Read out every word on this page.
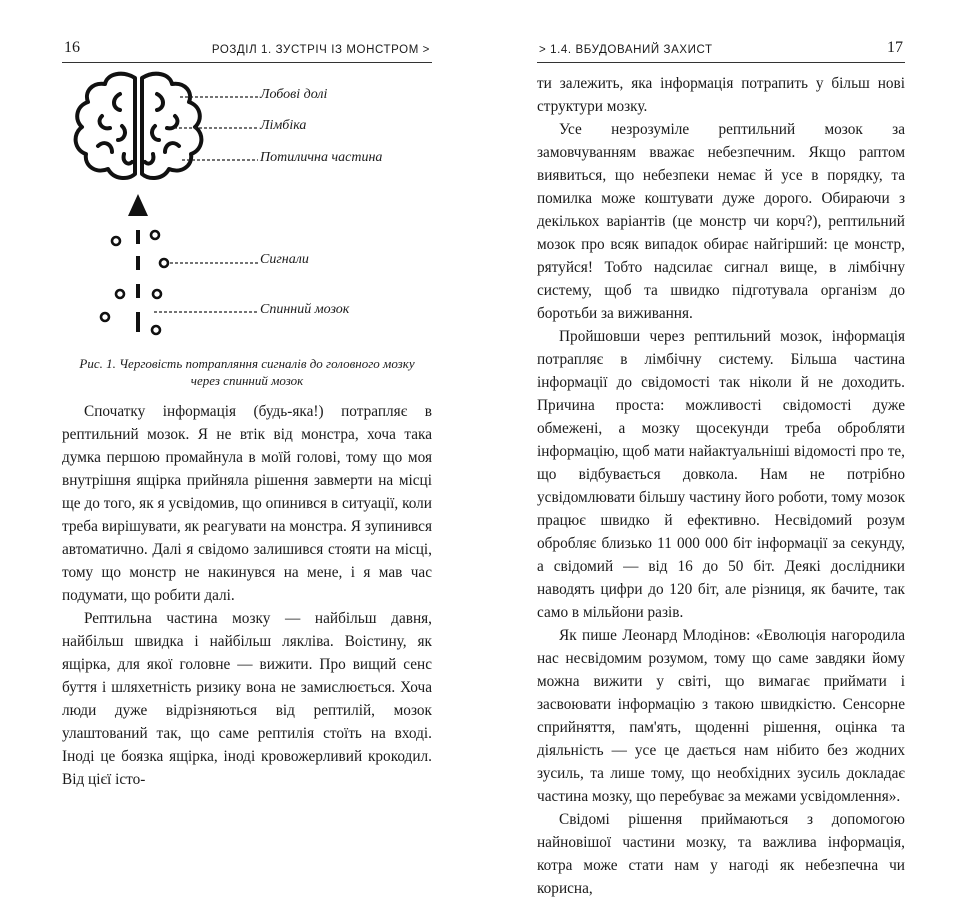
16	РОЗДІЛ 1. ЗУСТРІЧ ІЗ МОНСТРОМ >
Лобові долі
Лімбіка
Потилична частина
Сигнали
Спинний мозок
Рис. 1. Черговість потрапляння сигналів до головного мозку
через спинний мозок

Спочатку інформація (будь-яка!) потрапляє в рептильний мозок. Я не втік від монстра, хоча така думка першою промайнула в моїй голові, тому що моя внутрішня ящірка прийняла рішення завмерти на місці ще до того, як я усвідомив, що опинився в ситуації, коли треба вирішувати, як реагувати на монстра. Я зупинився автоматично. Далі я свідомо залишився стояти на місці, тому що монстр не накинувся на мене, і я мав час подумати, що робити далі.

Рептильна частина мозку — найбільш давня, найбільш швидка і найбільш лякліва. Воістину, як ящірка, для якої головне — вижити. Про вищий сенс буття і шляхетність ризику вона не замислюється. Хоча люди дуже відрізняються від рептилій, мозок улаштований так, що саме рептилія стоїть на вході. Іноді це боязка ящірка, іноді кровожерливий крокодил. Від цієї істо-

> 1.4. ВБУДОВАНИЙ ЗАХИСТ	17

ти залежить, яка інформація потрапить у більш нові структури мозку.

Усе незрозуміле рептильний мозок за замовчуванням вважає небезпечним. Якщо раптом виявиться, що небезпеки немає й усе в порядку, та помилка може коштувати дуже дорого. Обираючи з декількох варіантів (це монстр чи корч?), рептильний мозок про всяк випадок обирає найгірший: це монстр, рятуйся! Тобто надсилає сигнал вище, в лімбічну систему, щоб та швидко підготувала організм до боротьби за виживання.

Пройшовши через рептильний мозок, інформація потрапляє в лімбічну систему. Більша частина інформації до свідомості так ніколи й не доходить. Причина проста: можливості свідомості дуже обмежені, а мозку щосекунди треба обробляти інформацію, щоб мати найактуальніші відомості про те, що відбувається довкола. Нам не потрібно усвідомлювати більшу частину його роботи, тому мозок працює швидко й ефективно. Несвідомий розум обробляє близько 11 000 000 біт інформації за секунду, а свідомий — від 16 до 50 біт. Деякі дослідники наводять цифри до 120 біт, але різниця, як бачите, так само в мільйони разів.

Як пише Леонард Млодінов: «Еволюція нагородила нас несвідомим розумом, тому що саме завдяки йому можна вижити у світі, що вимагає приймати і засвоювати інформацію з такою швидкістю. Сенсорне сприйняття, пам'ять, щоденні рішення, оцінка та діяльність — усе це дається нам нібито без жодних зусиль, та лише тому, що необхідних зусиль докладає частина мозку, що перебуває за межами усвідомлення».

Свідомі рішення приймаються з допомогою найновішої частини мозку, та важлива інформація, котра може стати нам у нагоді як небезпечна чи корисна,
